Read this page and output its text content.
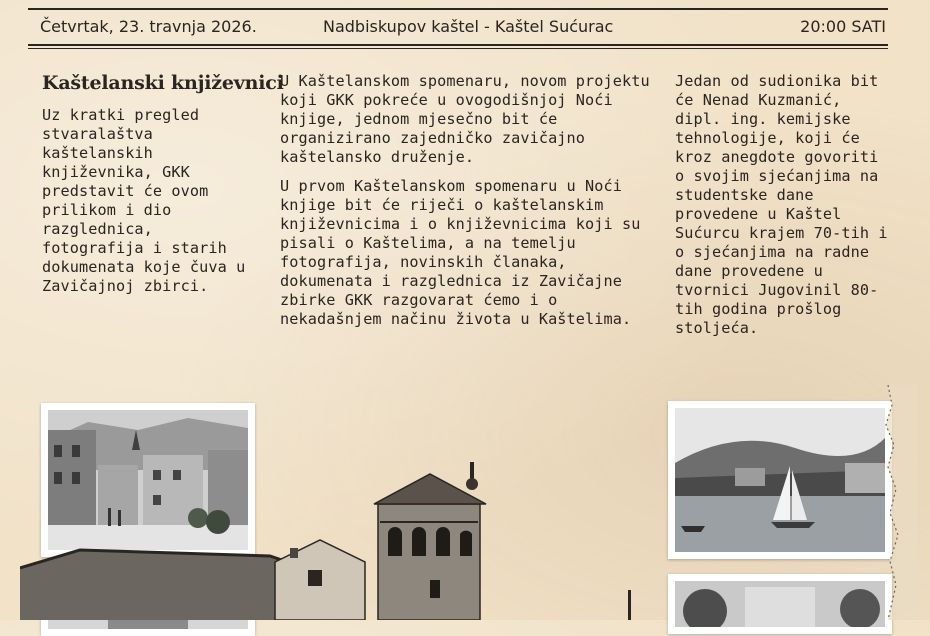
Četvrtak, 23. travnja 2026.	Nadbiskupov kaštel - Kaštel Sućurac	20:00 SATI
Kaštelanski književnici

Uz kratki pregled stvaralaštva kaštelanskih književnika, GKK predstavit će ovom prilikom i dio razglednica, fotografija i starih dokumenata koje čuva u Zavičajnoj zbirci.

U Kaštelanskom spomenaru, novom projektu koji GKK pokreće u ovogodišnjoj Noći knjige, jednom mjesečno bit će organizirano zajedničko zavičajno kaštelansko druženje.

U prvom Kaštelanskom spomenaru u Noći knjige bit će riječi o kaštelanskim književnicima i o književnicima koji su pisali o Kaštelima, a na temelju fotografija, novinskih članaka, dokumenata i razglednica iz Zavičajne zbirke GKK razgovarat ćemo i o nekadašnjem načinu života u Kaštelima.

Jedan od sudionika bit će Nenad Kuzmanić, dipl. ing. kemijske tehnologije, koji će kroz anegdote govoriti o svojim sjećanjima na studentske dane provedene u Kaštel Sućurcu krajem 70-tih i o sjećanjima na radne dane provedene u tvornici Jugovinil 80-tih godina prošlog stoljeća.
